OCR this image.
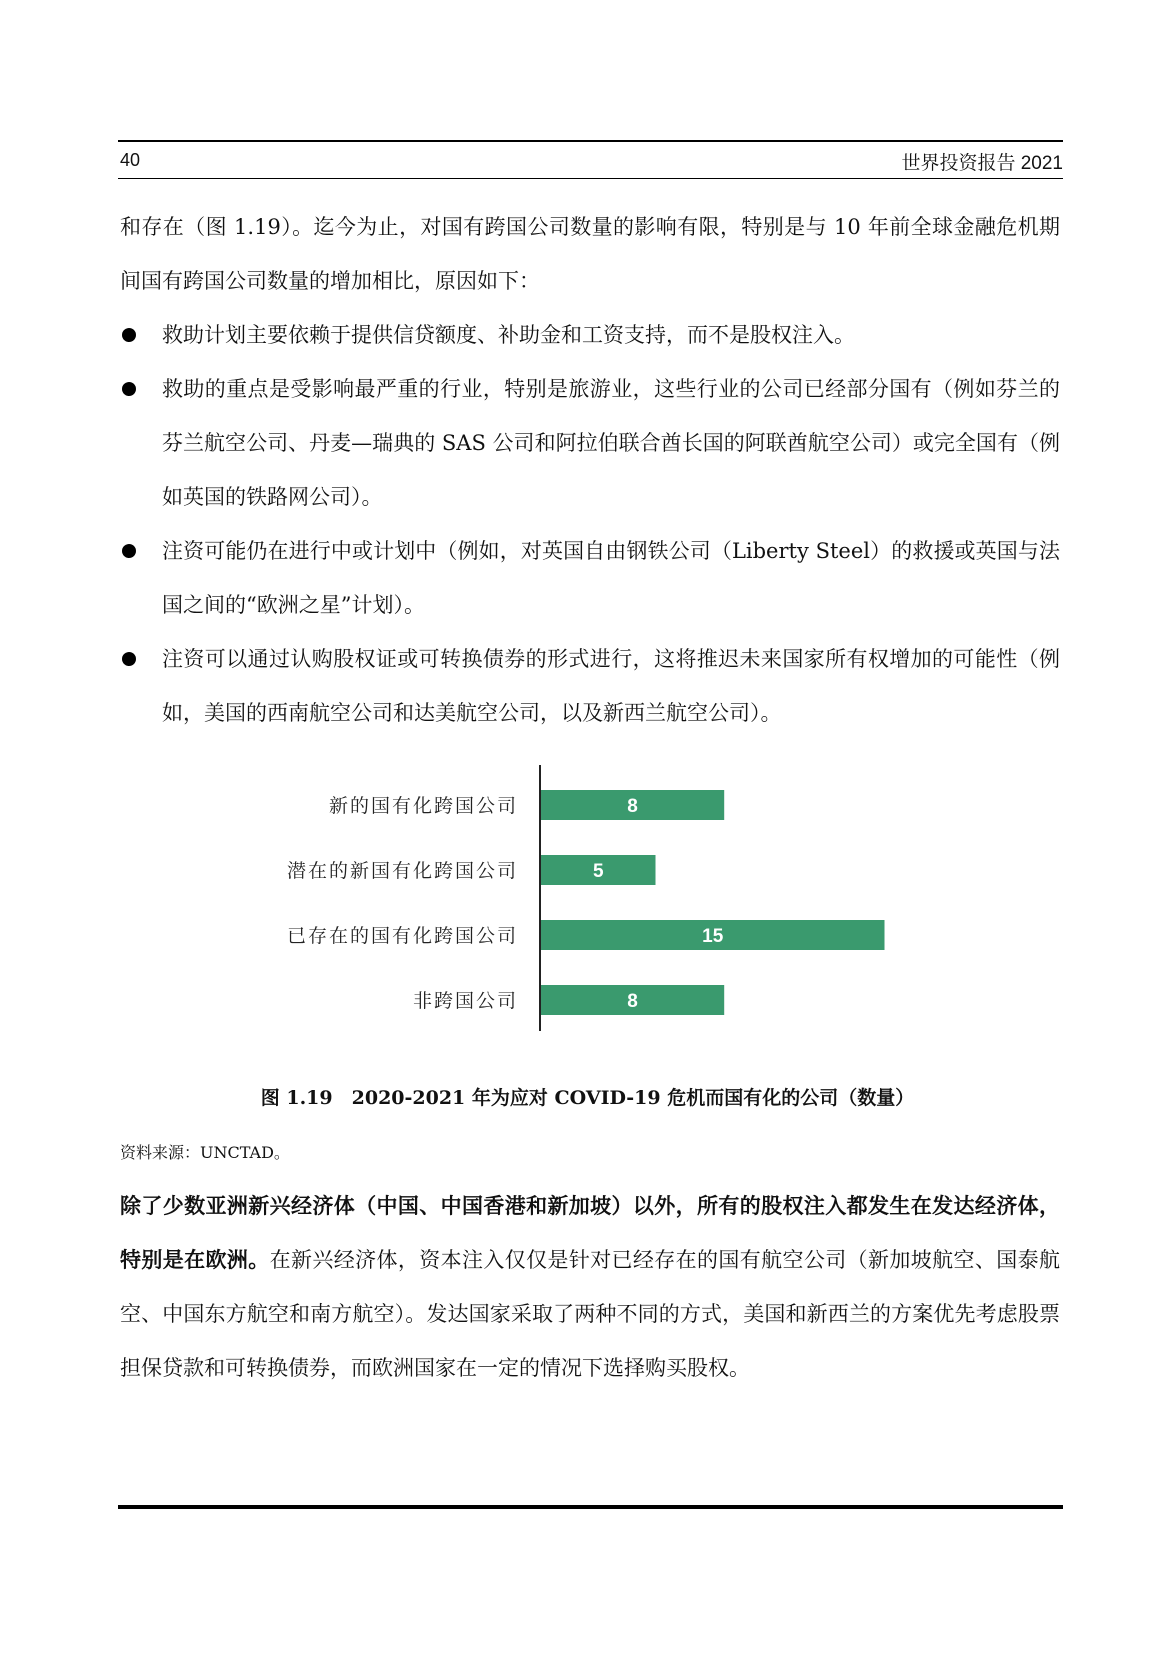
40	世界投资报告 2021
和存在（图 1.19）。迄今为止，对国有跨国公司数量的影响有限，特别是与 10 年前全球金融危机期间国有跨国公司数量的增加相比，原因如下：
救助计划主要依赖于提供信贷额度、补助金和工资支持，而不是股权注入。
救助的重点是受影响最严重的行业，特别是旅游业，这些行业的公司已经部分国有（例如芬兰的芬兰航空公司、丹麦—瑞典的 SAS 公司和阿拉伯联合酋长国的阿联酋航空公司）或完全国有（例如英国的铁路网公司）。
注资可能仍在进行中或计划中（例如，对英国自由钢铁公司（Liberty Steel）的救援或英国与法国之间的“欧洲之星”计划）。
注资可以通过认购股权证或可转换债券的形式进行，这将推迟未来国家所有权增加的可能性（例如，美国的西南航空公司和达美航空公司，以及新西兰航空公司）。
新的国有化跨国公司	8
潜在的新国有化跨国公司	5
已存在的国有化跨国公司	15
非跨国公司	8
图 1.19　2020-2021 年为应对 COVID-19 危机而国有化的公司（数量）
资料来源：UNCTAD。
除了少数亚洲新兴经济体（中国、中国香港和新加坡）以外，所有的股权注入都发生在发达经济体，特别是在欧洲。在新兴经济体，资本注入仅仅是针对已经存在的国有航空公司（新加坡航空、国泰航空、中国东方航空和南方航空）。发达国家采取了两种不同的方式，美国和新西兰的方案优先考虑股票担保贷款和可转换债券，而欧洲国家在一定的情况下选择购买股权。
